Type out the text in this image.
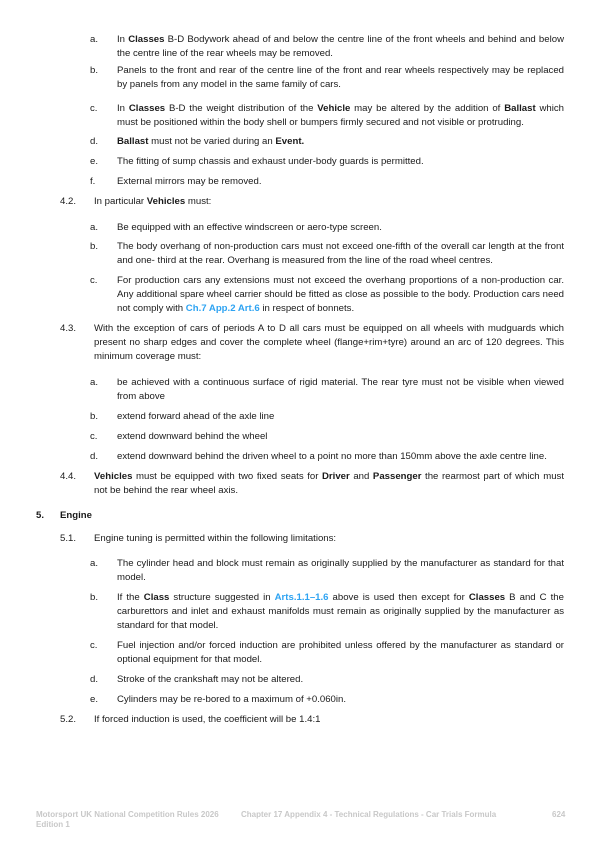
a. In Classes B-D Bodywork ahead of and below the centre line of the front wheels and behind and below the centre line of the rear wheels may be removed.
b. Panels to the front and rear of the centre line of the front and rear wheels respectively may be replaced by panels from any model in the same family of cars.
c. In Classes B-D the weight distribution of the Vehicle may be altered by the addition of Ballast which must be positioned within the body shell or bumpers firmly secured and not visible or protruding.
d. Ballast must not be varied during an Event.
e. The fitting of sump chassis and exhaust under-body guards is permitted.
f. External mirrors may be removed.
4.2. In particular Vehicles must:
a. Be equipped with an effective windscreen or aero-type screen.
b. The body overhang of non-production cars must not exceed one-fifth of the overall car length at the front and one- third at the rear. Overhang is measured from the line of the road wheel centres.
c. For production cars any extensions must not exceed the overhang proportions of a non-production car. Any additional spare wheel carrier should be fitted as close as possible to the body. Production cars need not comply with Ch.7 App.2 Art.6 in respect of bonnets.
4.3. With the exception of cars of periods A to D all cars must be equipped on all wheels with mudguards which present no sharp edges and cover the complete wheel (flange+rim+tyre) around an arc of 120 degrees. This minimum coverage must:
a. be achieved with a continuous surface of rigid material. The rear tyre must not be visible when viewed from above
b. extend forward ahead of the axle line
c. extend downward behind the wheel
d. extend downward behind the driven wheel to a point no more than 150mm above the axle centre line.
4.4. Vehicles must be equipped with two fixed seats for Driver and Passenger the rearmost part of which must not be behind the rear wheel axis.
5. Engine
5.1. Engine tuning is permitted within the following limitations:
a. The cylinder head and block must remain as originally supplied by the manufacturer as standard for that model.
b. If the Class structure suggested in Arts.1.1–1.6 above is used then except for Classes B and C the carburettors and inlet and exhaust manifolds must remain as originally supplied by the manufacturer as standard for that model.
c. Fuel injection and/or forced induction are prohibited unless offered by the manufacturer as standard or optional equipment for that model.
d. Stroke of the crankshaft may not be altered.
e. Cylinders may be re-bored to a maximum of +0.060in.
5.2. If forced induction is used, the coefficient will be 1.4:1
Motorsport UK National Competition Rules 2026 Edition 1
Chapter 17 Appendix 4 - Technical Regulations - Car Trials Formula	624
